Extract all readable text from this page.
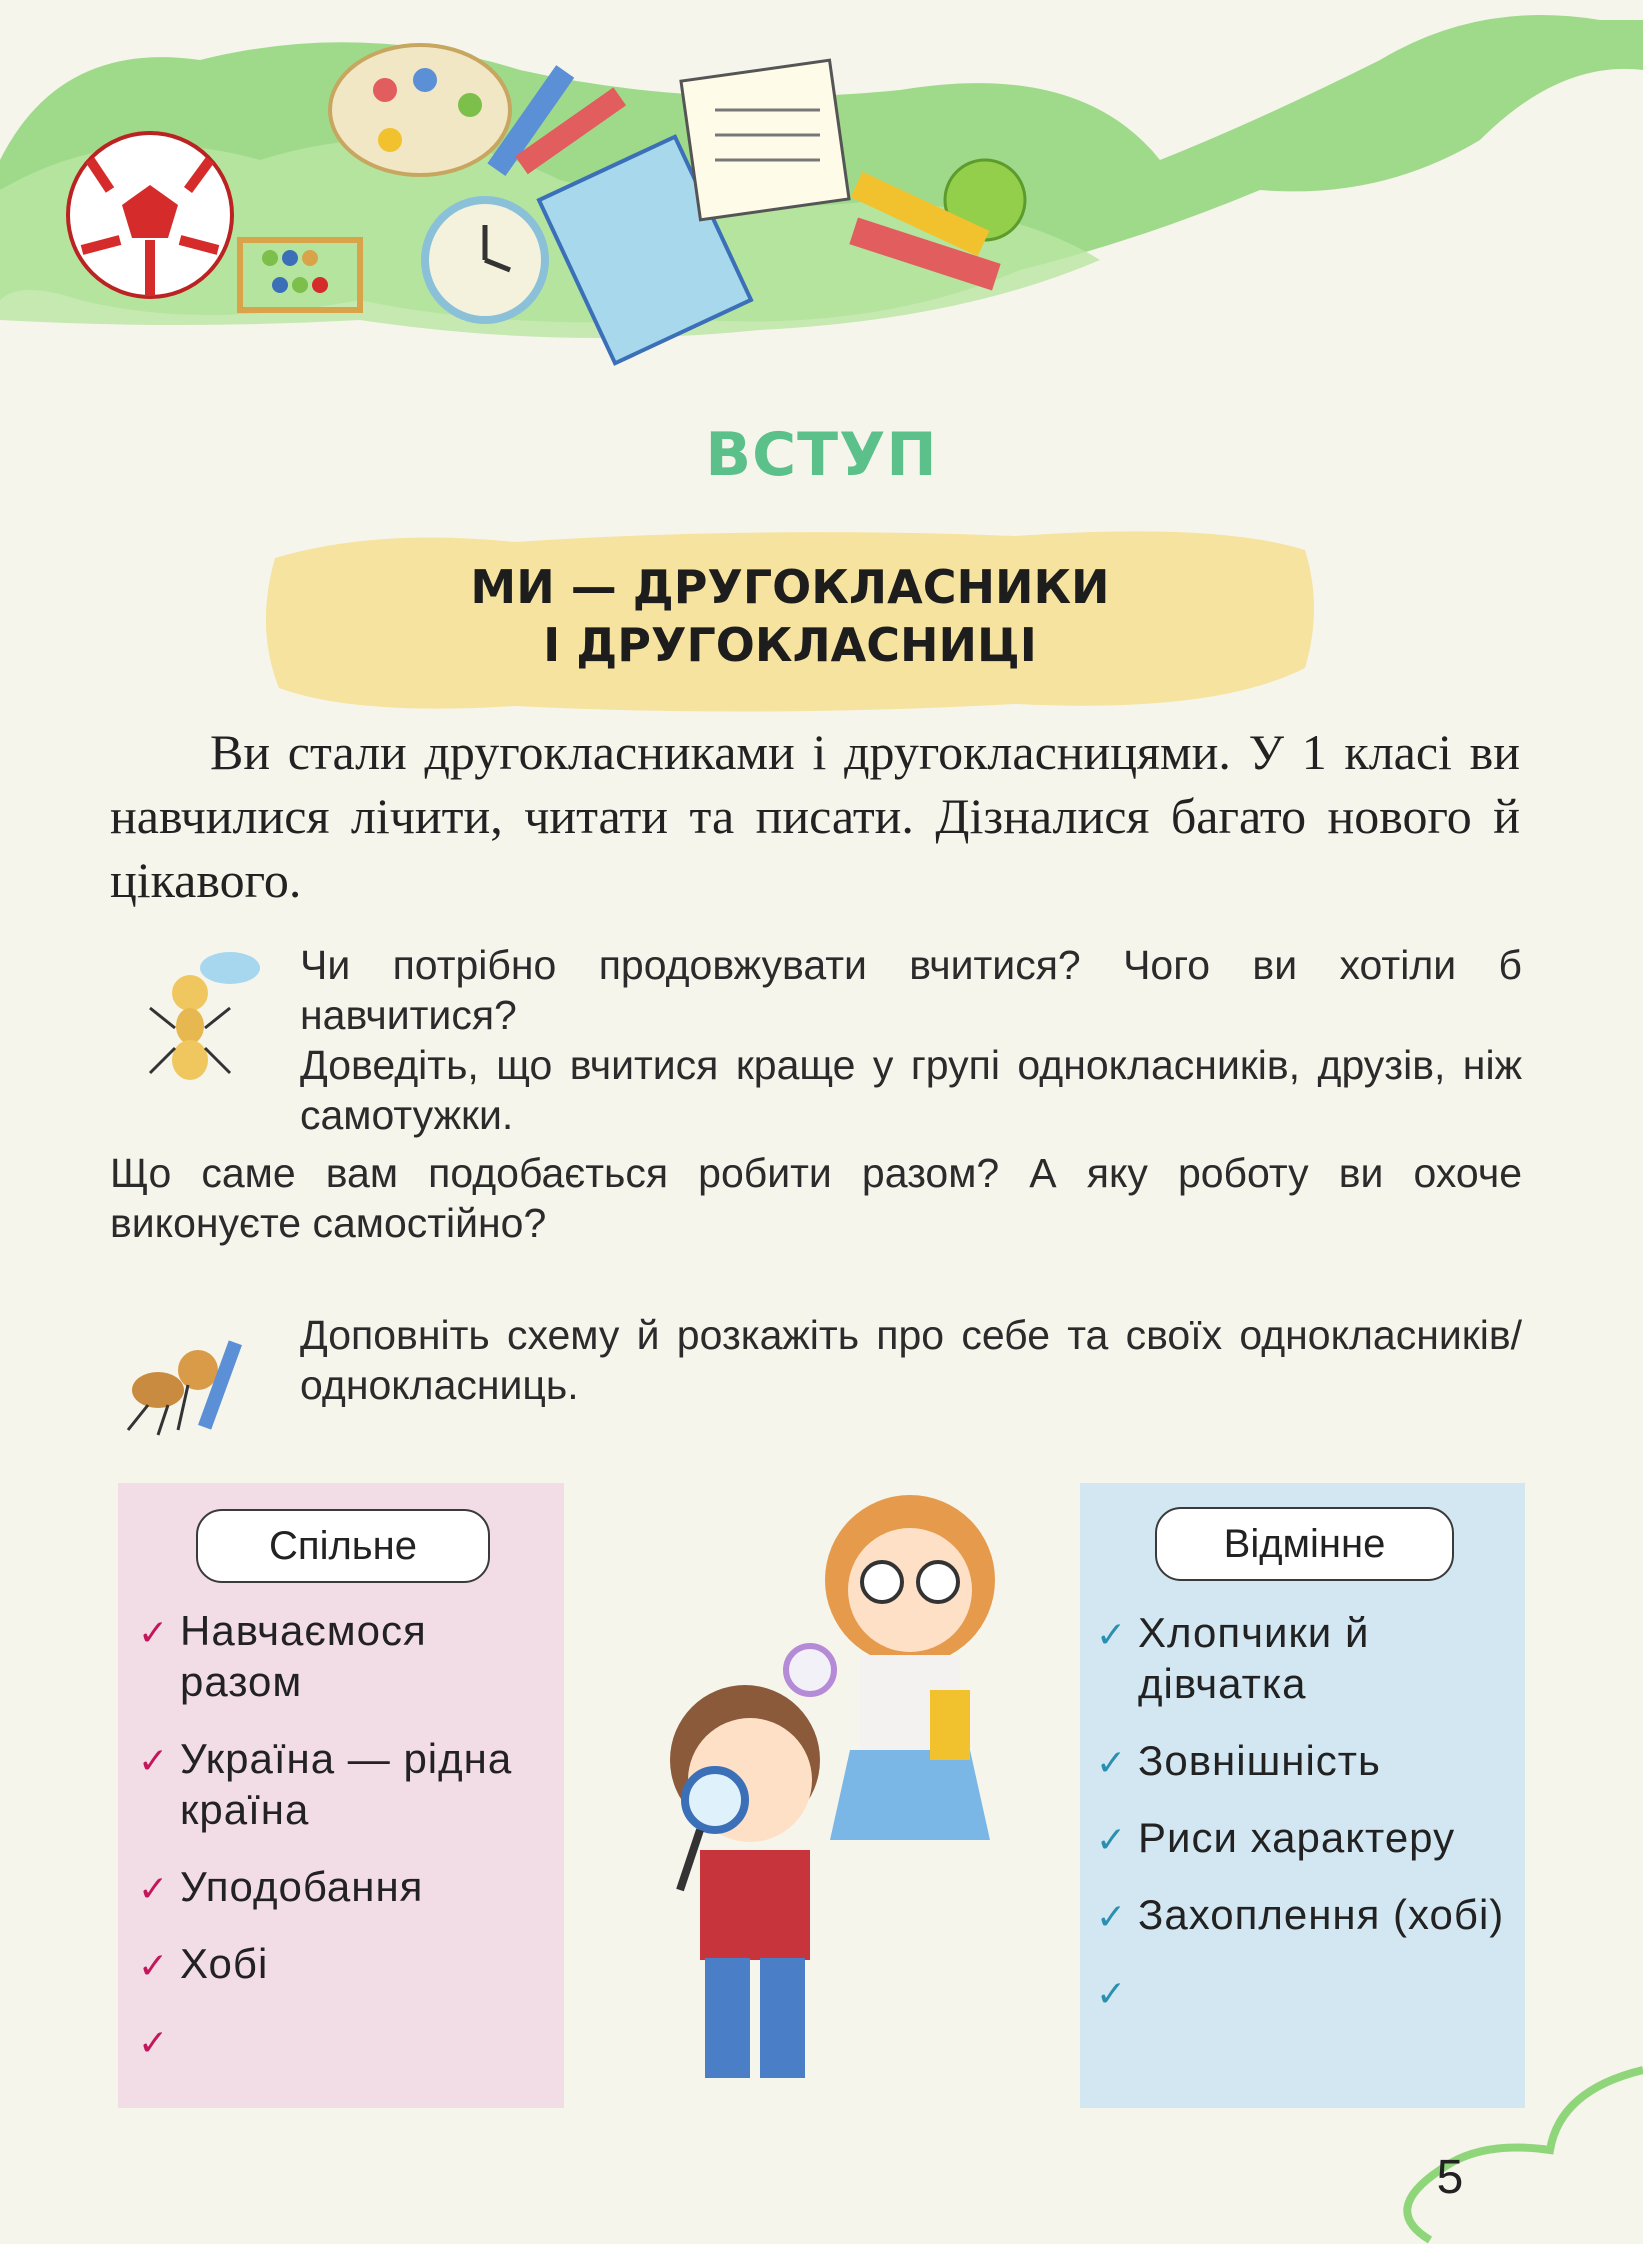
ВСТУП
МИ — ДРУГОКЛАСНИКИ
І ДРУГОКЛАСНИЦІ

Ви стали другокласниками і другокласницями. У 1 класі ви навчилися лічити, читати та писати. Дізналися багато нового й цікавого.

Чи потрібно продовжувати вчитися? Чого ви хотіли б навчитися?

Доведіть, що вчитися краще у групі однокласників, друзів, ніж самотужки.

Що саме вам подобається робити разом? А яку роботу ви охоче виконуєте самостійно?

Доповніть схему й розкажіть про себе та своїх однокласників/однокласниць.

Спільне
✓ Навчаємося разом
✓ Україна — рідна країна
✓ Уподобання
✓ Хобі
✓
Відмінне
✓ Хлопчики й дівчатка
✓ Зовнішність
✓ Риси характеру
✓ Захоплення (хобі)
✓
5
